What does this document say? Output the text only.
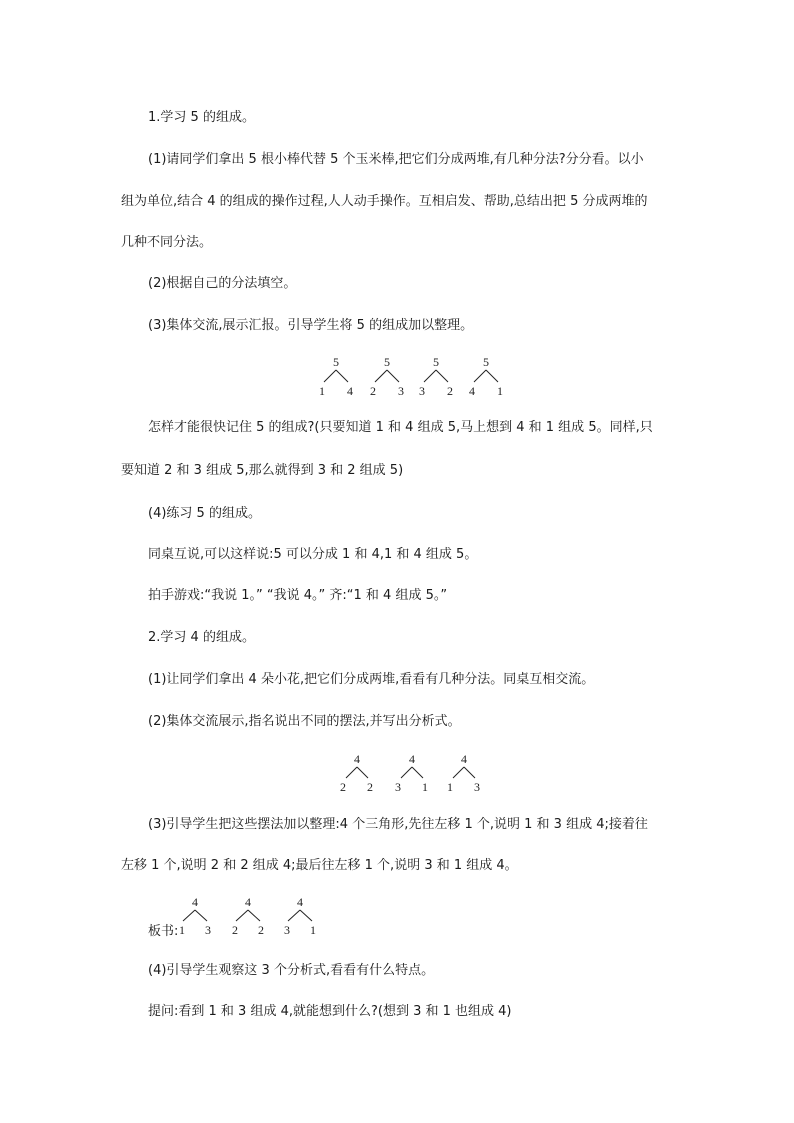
1.学习 5 的组成。

(1)请同学们拿出 5 根小棒代替 5 个玉米棒,把它们分成两堆,有几种分法?分分看。以小

组为单位,结合 4 的组成的操作过程,人人动手操作。互相启发、帮助,总结出把 5 分成两堆的

几种不同分法。

(2)根据自己的分法填空。

(3)集体交流,展示汇报。引导学生将 5 的组成加以整理。

5
1 4
5
2 3
5
3 2
5
4 1

怎样才能很快记住 5 的组成?(只要知道 1 和 4 组成 5,马上想到 4 和 1 组成 5。同样,只

要知道 2 和 3 组成 5,那么就得到 3 和 2 组成 5)

(4)练习 5 的组成。

同桌互说,可以这样说:5 可以分成 1 和 4,1 和 4 组成 5。

拍手游戏:“我说 1。” “我说 4。” 齐:“1 和 4 组成 5。”

2.学习 4 的组成。

(1)让同学们拿出 4 朵小花,把它们分成两堆,看看有几种分法。同桌互相交流。

(2)集体交流展示,指名说出不同的摆法,并写出分析式。

4
2 2
4
3 1
4
1 3

(3)引导学生把这些摆法加以整理:4 个三角形,先往左移 1 个,说明 1 和 3 组成 4;接着往

左移 1 个,说明 2 和 2 组成 4;最后往左移 1 个,说明 3 和 1 组成 4。

板书:

4
1 3
4
2 2
4
3 1

(4)引导学生观察这 3 个分析式,看看有什么特点。

提问:看到 1 和 3 组成 4,就能想到什么?(想到 3 和 1 也组成 4)
